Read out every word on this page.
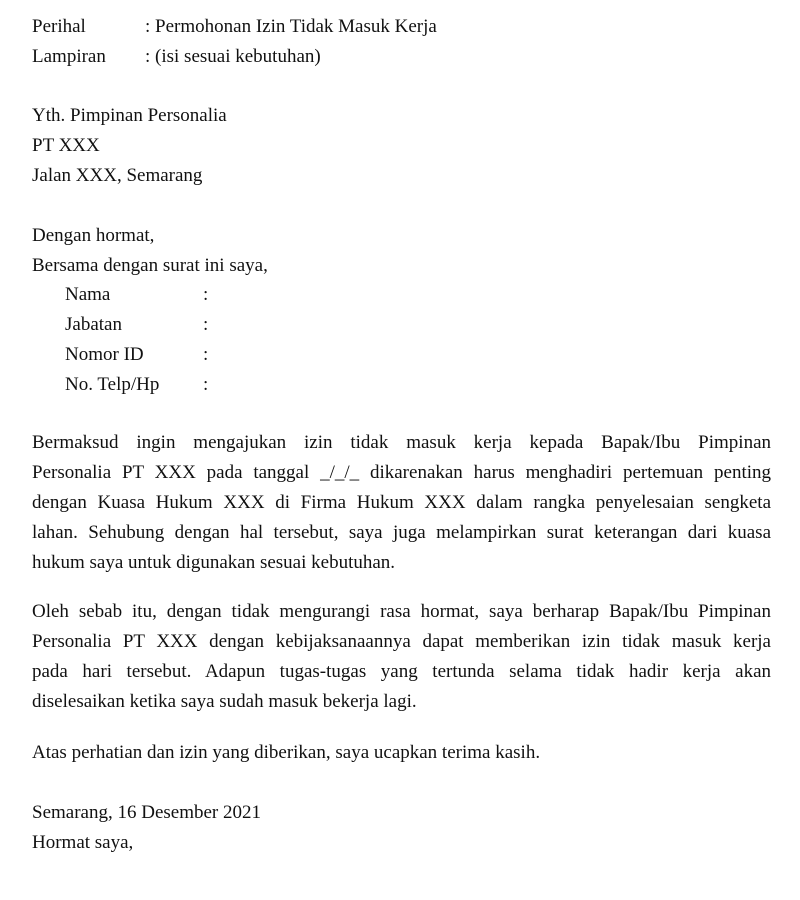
Perihal	: Permohonan Izin Tidak Masuk Kerja
Lampiran : (isi sesuai kebutuhan)
Yth. Pimpinan Personalia
PT XXX
Jalan XXX, Semarang
Dengan hormat,
Bersama dengan surat ini saya,
Nama	:
Jabatan	:
Nomor ID	:
No. Telp/Hp :
Bermaksud ingin mengajukan izin tidak masuk kerja kepada Bapak/Ibu Pimpinan
Personalia PT XXX pada tanggal _/_/_ dikarenakan harus menghadiri pertemuan penting
dengan Kuasa Hukum XXX di Firma Hukum XXX dalam rangka penyelesaian sengketa
lahan. Sehubung dengan hal tersebut, saya juga melampirkan surat keterangan dari kuasa
hukum saya untuk digunakan sesuai kebutuhan.
Oleh sebab itu, dengan tidak mengurangi rasa hormat, saya berharap Bapak/Ibu Pimpinan
Personalia PT XXX dengan kebijaksanaannya dapat memberikan izin tidak masuk kerja
pada hari tersebut. Adapun tugas-tugas yang tertunda selama tidak hadir kerja akan
diselesaikan ketika saya sudah masuk bekerja lagi.
Atas perhatian dan izin yang diberikan, saya ucapkan terima kasih.
Semarang, 16 Desember 2021
Hormat saya,
